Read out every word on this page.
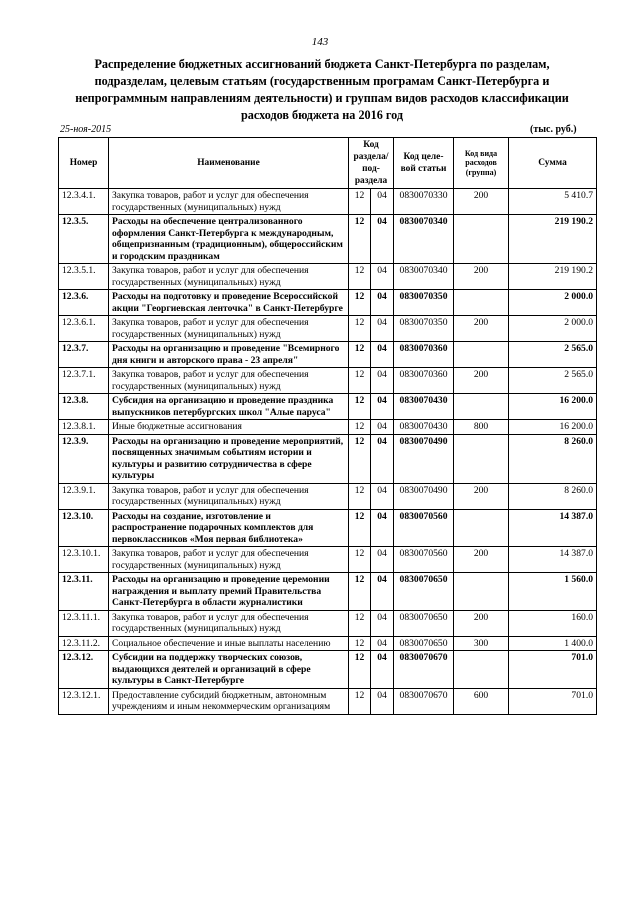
143
Распределение бюджетных ассигнований бюджета Санкт-Петербурга по разделам, подразделам, целевым статьям (государственным програмам Санкт-Петербурга и непрограммным направлениям деятельности) и группам видов расходов классификации расходов бюджета на 2016 год
25-ноя-2015	(тыс. руб.)
Номер	Наименование	Код раздела/ под-раздела		Код целе-вой статьи	Код вида расходов (группа)	Сумма
12.3.4.1.	Закупка товаров, работ и услуг для обеспечения государственных (муниципальных) нужд	12	04	0830070330	200	5 410.7
12.3.5.	Расходы на обеспечение централизованного оформления Санкт-Петербурга к международным, общепризнанным (традиционным), общероссийским и городским праздникам	12	04	0830070340		219 190.2
12.3.5.1.	Закупка товаров, работ и услуг для обеспечения государственных (муниципальных) нужд	12	04	0830070340	200	219 190.2
12.3.6.	Расходы на подготовку и проведение Всероссийской акции "Георгиевская ленточка" в Санкт-Петербурге	12	04	0830070350		2 000.0
12.3.6.1.	Закупка товаров, работ и услуг для обеспечения государственных (муниципальных) нужд	12	04	0830070350	200	2 000.0
12.3.7.	Расходы на организацию и проведение "Всемирного дня книги и авторского права - 23 апреля"	12	04	0830070360		2 565.0
12.3.7.1.	Закупка товаров, работ и услуг для обеспечения государственных (муниципальных) нужд	12	04	0830070360	200	2 565.0
12.3.8.	Субсидия на организацию и проведение праздника выпускников петербургских школ "Алые паруса"	12	04	0830070430		16 200.0
12.3.8.1.	Иные бюджетные ассигнования	12	04	0830070430	800	16 200.0
12.3.9.	Расходы на организацию и проведение мероприятий, посвященных значимым событиям истории и культуры и развитию сотрудничества в сфере культуры	12	04	0830070490		8 260.0
12.3.9.1.	Закупка товаров, работ и услуг для обеспечения государственных (муниципальных) нужд	12	04	0830070490	200	8 260.0
12.3.10.	Расходы на создание, изготовление и распространение подарочных комплектов для первоклассников «Моя первая библиотека»	12	04	0830070560		14 387.0
12.3.10.1.	Закупка товаров, работ и услуг для обеспечения государственных (муниципальных) нужд	12	04	0830070560	200	14 387.0
12.3.11.	Расходы на организацию и проведение церемонии награждения и выплату премий Правительства Санкт-Петербурга в области журналистики	12	04	0830070650		1 560.0
12.3.11.1.	Закупка товаров, работ и услуг для обеспечения государственных (муниципальных) нужд	12	04	0830070650	200	160.0
12.3.11.2.	Социальное обеспечение и иные выплаты населению	12	04	0830070650	300	1 400.0
12.3.12.	Субсидии на поддержку творческих союзов, выдающихся деятелей и организаций в сфере культуры в Санкт-Петербурге	12	04	0830070670		701.0
12.3.12.1.	Предоставление субсидий бюджетным, автономным учреждениям и иным некоммерческим организациям	12	04	0830070670	600	701.0
